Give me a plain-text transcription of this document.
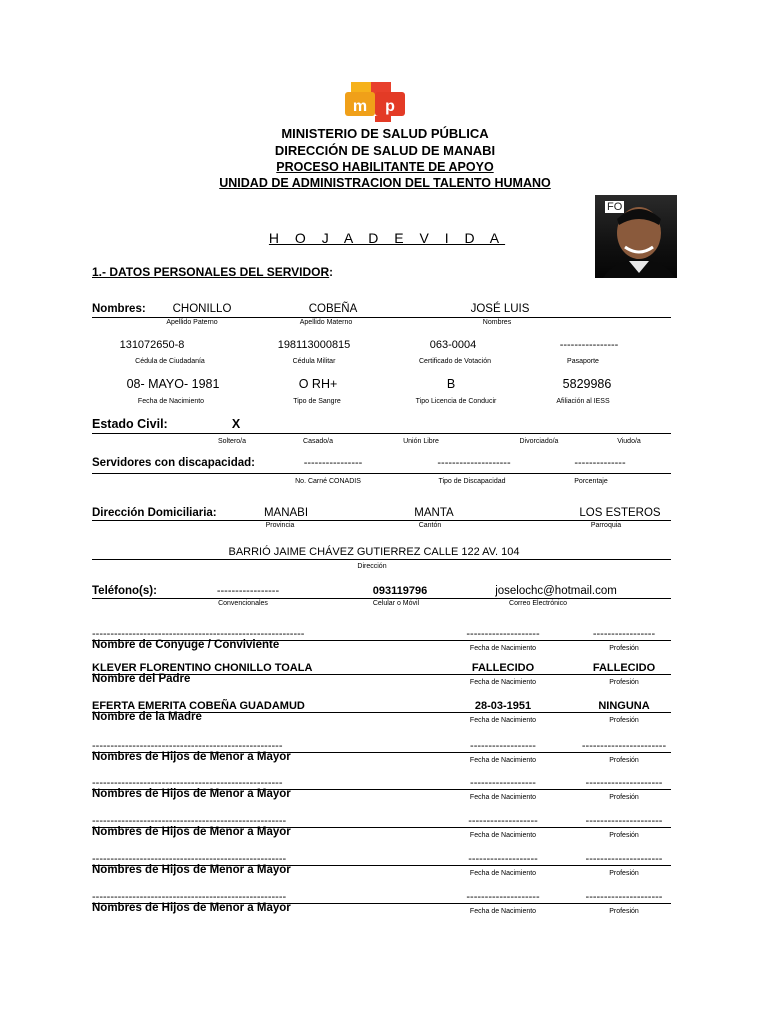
m p
MINISTERIO DE SALUD PÚBLICA
DIRECCIÓN DE SALUD DE MANABI
PROCESO HABILITANTE DE APOYO
UNIDAD DE ADMINISTRACION DEL TALENTO HUMANO
FO
H O J A D E V I D A
1.- DATOS PERSONALES DEL SERVIDOR:
Nombres: CHONILLO	COBEÑA	JOSÉ LUIS
Apellido Paterno	Apellido Materno	Nombres
131072650-8	198113000815	063-0004	----------------
Cédula de Ciudadanía	Cédula Militar	Certificado de Votación	Pasaporte
08- MAYO- 1981	O RH+	B	5829986
Fecha de Nacimiento	Tipo de Sangre	Tipo Licencia de Conducir	Afiliación al IESS
Estado Civil:	X
Soltero/a	Casado/a	Unión Libre	Divorciado/a	Viudo/a
Servidores con discapacidad:	----------------	--------------------	--------------
No. Carné CONADIS	Tipo de Discapacidad	Porcentaje
Dirección Domiciliaria:	MANABI	MANTA	LOS ESTEROS
Provincia	Cantón	Parroquia
BARRIÓ JAIME CHÁVEZ GUTIERREZ CALLE 122 AV. 104
Dirección
Teléfono(s):	-----------------	093119796	joselochc@hotmail.com
Convencionales	Celular o Móvil	Correo Electrónico
----------------------------------------------------------	--------------------	-----------------
Nombre de Conyuge / Conviviente	Fecha de Nacimiento	Profesión
KLEVER FLORENTINO CHONILLO TOALA	FALLECIDO	FALLECIDO
Nombre del Padre	Fecha de Nacimiento	Profesión
EFERTA EMERITA COBEÑA GUADAMUD	28-03-1951	NINGUNA
Nombre de la Madre	Fecha de Nacimiento	Profesión
----------------------------------------------------	------------------	-----------------------
Nombres de Hijos de Menor a Mayor	Fecha de Nacimiento	Profesión
----------------------------------------------------	------------------	---------------------
Nombres de Hijos de Menor a Mayor	Fecha de Nacimiento	Profesión
-----------------------------------------------------	-------------------	---------------------
Nombres de Hijos de Menor a Mayor	Fecha de Nacimiento	Profesión
-----------------------------------------------------	-------------------	---------------------
Nombres de Hijos de Menor a Mayor	Fecha de Nacimiento	Profesión
-----------------------------------------------------	--------------------	---------------------
Nombres de Hijos de Menor a Mayor	Fecha de Nacimiento	Profesión
